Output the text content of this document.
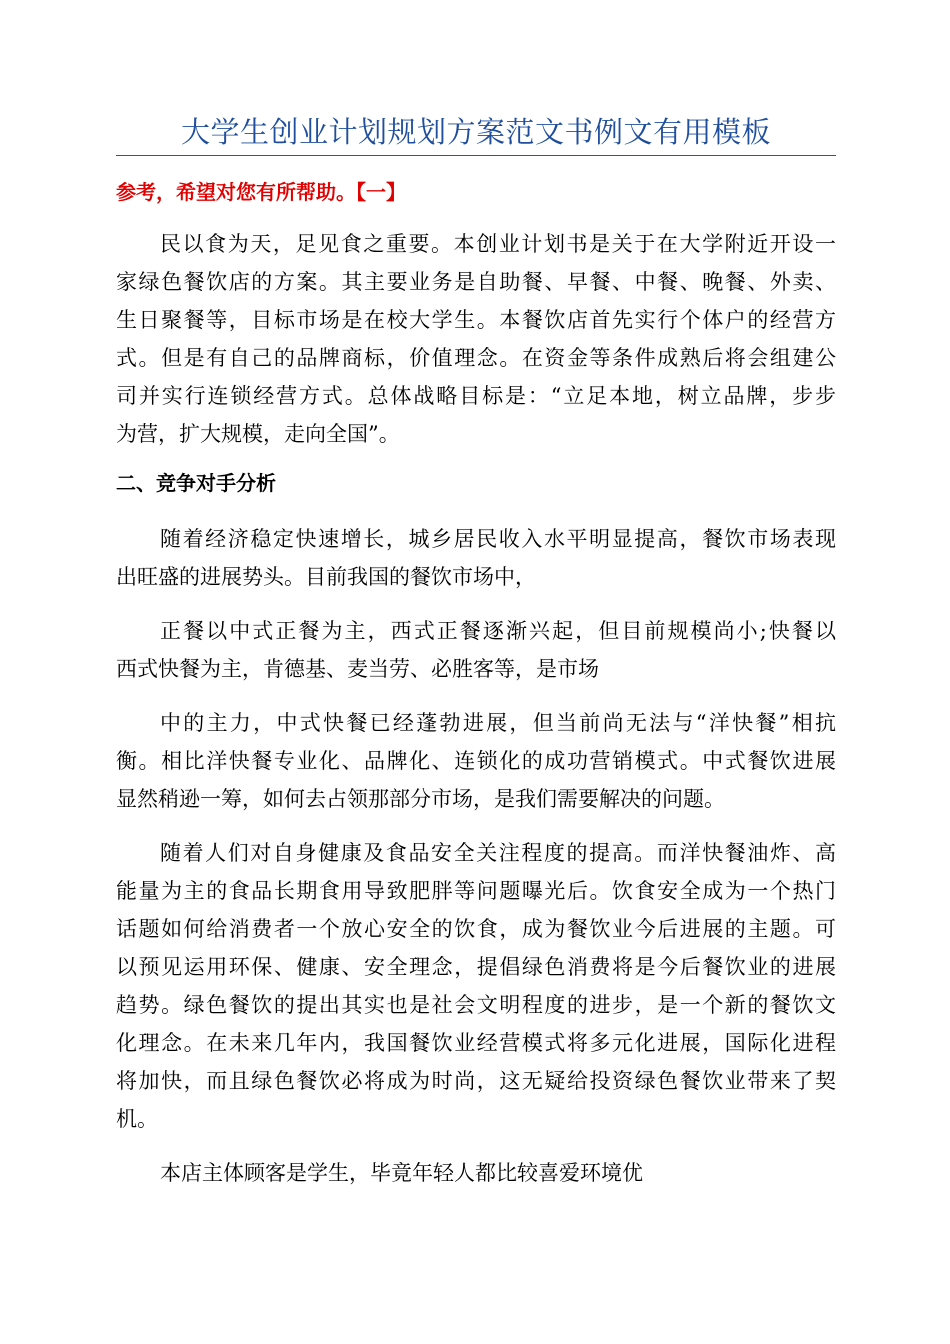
大学生创业计划规划方案范文书例文有用模板
参考，希望对您有所帮助。【一】
民以食为天，足见食之重要。本创业计划书是关于在大学附近开设一
家绿色餐饮店的方案。其主要业务是自助餐、早餐、中餐、晚餐、外卖、
生日聚餐等，目标市场是在校大学生。本餐饮店首先实行个体户的经营方
式。但是有自己的品牌商标，价值理念。在资金等条件成熟后将会组建公
司并实行连锁经营方式。总体战略目标是：“立足本地，树立品牌，步步
为营，扩大规模，走向全国”。
二、竞争对手分析
随着经济稳定快速增长，城乡居民收入水平明显提高，餐饮市场表现
出旺盛的进展势头。目前我国的餐饮市场中，
正餐以中式正餐为主，西式正餐逐渐兴起，但目前规模尚小;快餐以
西式快餐为主，肯德基、麦当劳、必胜客等，是市场
中的主力，中式快餐已经蓬勃进展，但当前尚无法与“洋快餐”相抗
衡。相比洋快餐专业化、品牌化、连锁化的成功营销模式。中式餐饮进展
显然稍逊一筹，如何去占领那部分市场，是我们需要解决的问题。
随着人们对自身健康及食品安全关注程度的提高。而洋快餐油炸、高
能量为主的食品长期食用导致肥胖等问题曝光后。饮食安全成为一个热门
话题如何给消费者一个放心安全的饮食，成为餐饮业今后进展的主题。可
以预见运用环保、健康、安全理念，提倡绿色消费将是今后餐饮业的进展
趋势。绿色餐饮的提出其实也是社会文明程度的进步，是一个新的餐饮文
化理念。在未来几年内，我国餐饮业经营模式将多元化进展，国际化进程
将加快，而且绿色餐饮必将成为时尚，这无疑给投资绿色餐饮业带来了契
机。
本店主体顾客是学生，毕竟年轻人都比较喜爱环境优
